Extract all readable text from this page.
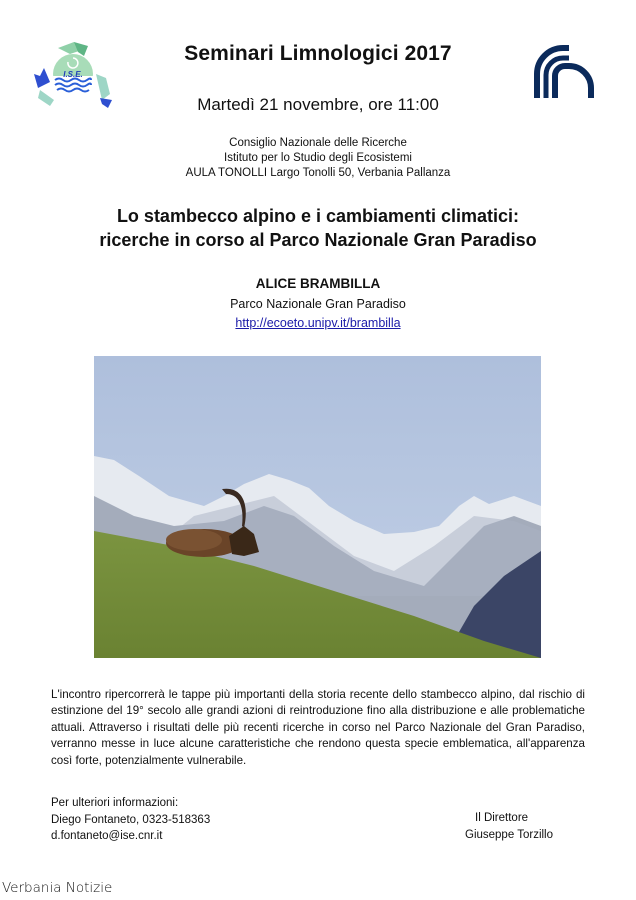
I.S.E.
Seminari Limnologici 2017
Martedì 21 novembre, ore 11:00
Consiglio Nazionale delle Ricerche
Istituto per lo Studio degli Ecosistemi
AULA TONOLLI Largo Tonolli 50, Verbania Pallanza
Lo stambecco alpino e i cambiamenti climatici:
ricerche in corso al Parco Nazionale Gran Paradiso
ALICE BRAMBILLA
Parco Nazionale Gran Paradiso
http://ecoeto.unipv.it/brambilla
L'incontro ripercorrerà le tappe più importanti della storia recente dello stambecco alpino, dal rischio di estinzione del 19° secolo alle grandi azioni di reintroduzione fino alla distribuzione e alle problematiche attuali. Attraverso i risultati delle più recenti ricerche in corso nel Parco Nazionale del Gran Paradiso, verranno messe in luce alcune caratteristiche che rendono questa specie emblematica, all'apparenza così forte, potenzialmente vulnerabile.
Per ulteriori informazioni:
Diego Fontaneto, 0323-518363
d.fontaneto@ise.cnr.it
Il Direttore
Giuseppe Torzillo
Verbania Notizie
